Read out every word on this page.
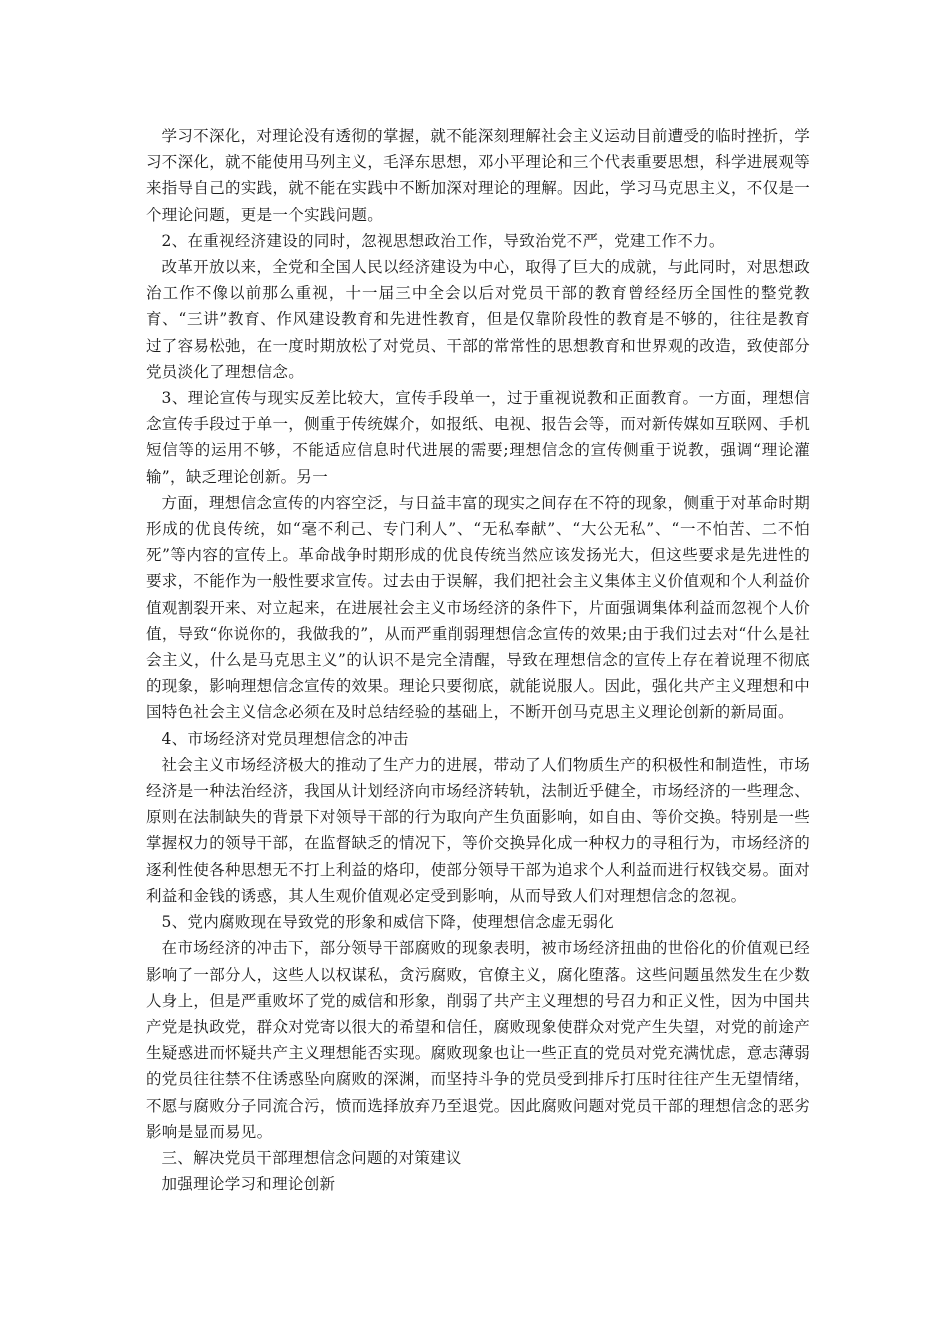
学习不深化，对理论没有透彻的掌握，就不能深刻理解社会主义运动目前遭受的临时挫折，学习不深化，就不能使用马列主义，毛泽东思想，邓小平理论和三个代表重要思想，科学进展观等来指导自己的实践，就不能在实践中不断加深对理论的理解。因此，学习马克思主义，不仅是一个理论问题，更是一个实践问题。

2、在重视经济建设的同时，忽视思想政治工作，导致治党不严，党建工作不力。

改革开放以来，全党和全国人民以经济建设为中心，取得了巨大的成就，与此同时，对思想政治工作不像以前那么重视，十一届三中全会以后对党员干部的教育曾经经历全国性的整党教育、“三讲”教育、作风建设教育和先进性教育，但是仅靠阶段性的教育是不够的，往往是教育过了容易松弛，在一度时期放松了对党员、干部的常常性的思想教育和世界观的改造，致使部分党员淡化了理想信念。

3、理论宣传与现实反差比较大，宣传手段单一，过于重视说教和正面教育。一方面，理想信念宣传手段过于单一，侧重于传统媒介，如报纸、电视、报告会等，而对新传媒如互联网、手机短信等的运用不够，不能适应信息时代进展的需要;理想信念的宣传侧重于说教，强调“理论灌输”，缺乏理论创新。另一

方面，理想信念宣传的内容空泛，与日益丰富的现实之间存在不符的现象，侧重于对革命时期形成的优良传统，如“毫不利己、专门利人”、“无私奉献”、“大公无私”、“一不怕苦、二不怕死”等内容的宣传上。革命战争时期形成的优良传统当然应该发扬光大，但这些要求是先进性的要求，不能作为一般性要求宣传。过去由于误解，我们把社会主义集体主义价值观和个人利益价值观割裂开来、对立起来，在进展社会主义市场经济的条件下，片面强调集体利益而忽视个人价值，导致“你说你的，我做我的”，从而严重削弱理想信念宣传的效果;由于我们过去对“什么是社会主义，什么是马克思主义”的认识不是完全清醒，导致在理想信念的宣传上存在着说理不彻底的现象，影响理想信念宣传的效果。理论只要彻底，就能说服人。因此，强化共产主义理想和中国特色社会主义信念必须在及时总结经验的基础上，不断开创马克思主义理论创新的新局面。

4、市场经济对党员理想信念的冲击

社会主义市场经济极大的推动了生产力的进展，带动了人们物质生产的积极性和制造性，市场经济是一种法治经济，我国从计划经济向市场经济转轨，法制近乎健全，市场经济的一些理念、原则在法制缺失的背景下对领导干部的行为取向产生负面影响，如自由、等价交换。特别是一些掌握权力的领导干部，在监督缺乏的情况下，等价交换异化成一种权力的寻租行为，市场经济的逐利性使各种思想无不打上利益的烙印，使部分领导干部为追求个人利益而进行权钱交易。面对利益和金钱的诱惑，其人生观价值观必定受到影响，从而导致人们对理想信念的忽视。

5、党内腐败现在导致党的形象和威信下降，使理想信念虚无弱化

在市场经济的冲击下，部分领导干部腐败的现象表明，被市场经济扭曲的世俗化的价值观已经影响了一部分人，这些人以权谋私，贪污腐败，官僚主义，腐化堕落。这些问题虽然发生在少数人身上，但是严重败坏了党的威信和形象，削弱了共产主义理想的号召力和正义性，因为中国共产党是执政党，群众对党寄以很大的希望和信任，腐败现象使群众对党产生失望，对党的前途产生疑惑进而怀疑共产主义理想能否实现。腐败现象也让一些正直的党员对党充满忧虑，意志薄弱的党员往往禁不住诱惑坠向腐败的深渊，而坚持斗争的党员受到排斥打压时往往产生无望情绪，不愿与腐败分子同流合污，愤而选择放弃乃至退党。因此腐败问题对党员干部的理想信念的恶劣影响是显而易见。

三、解决党员干部理想信念问题的对策建议

加强理论学习和理论创新
